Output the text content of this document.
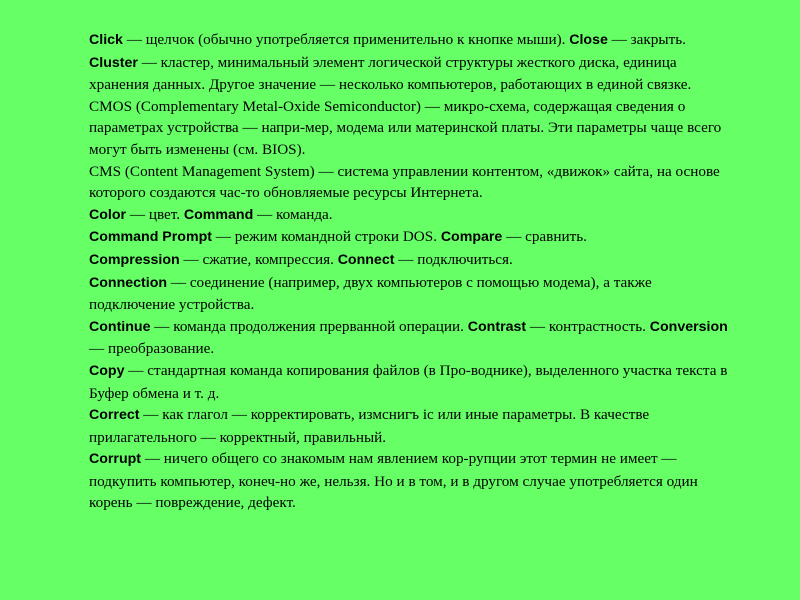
Click — щелчок (обычно употребляется применительно к кнопке мыши). Close — закрыть.

Cluster — кластер, минимальный элемент логической структуры жесткого диска, единица хранения данных. Другое значение — несколько компьютеров, работающих в единой связке.

CMOS (Complementary Metal-Oxide Semiconductor) — микро-схема, содержащая сведения о параметрах устройства — напри-мер, модема или материнской платы. Эти параметры чаще всего могут быть изменены (см. BIOS).

CMS (Content Management System) — система управлении контентом, «движок» сайта, на основе которого создаются час-то обновляемые ресурсы Интернета.

Color — цвет. Command — команда.

Command Prompt — режим командной строки DOS. Compare — сравнить.

Compression — сжатие, компрессия. Connect — подключиться.

Connection — соединение (например, двух компьютеров с помощью модема), а также подключение устройства.

Continue — команда продолжения прерванной операции. Contrast — контрастность. Conversion — преобразование.

Copy — стандартная команда копирования файлов (в Про-воднике), выделенного участка текста в Буфер обмена и т. д.

Correct — как глагол — корректировать, измснигъ ic или иные параметры. В качестве прилагательного — корректный, правильный.

Corrupt — ничего общего со знакомым нам явлением кор-рупции этот термин не имеет — подкупить компьютер, конеч-но же, нельзя. Но и в том, и в другом случае употребляется один корень — повреждение, дефект.
